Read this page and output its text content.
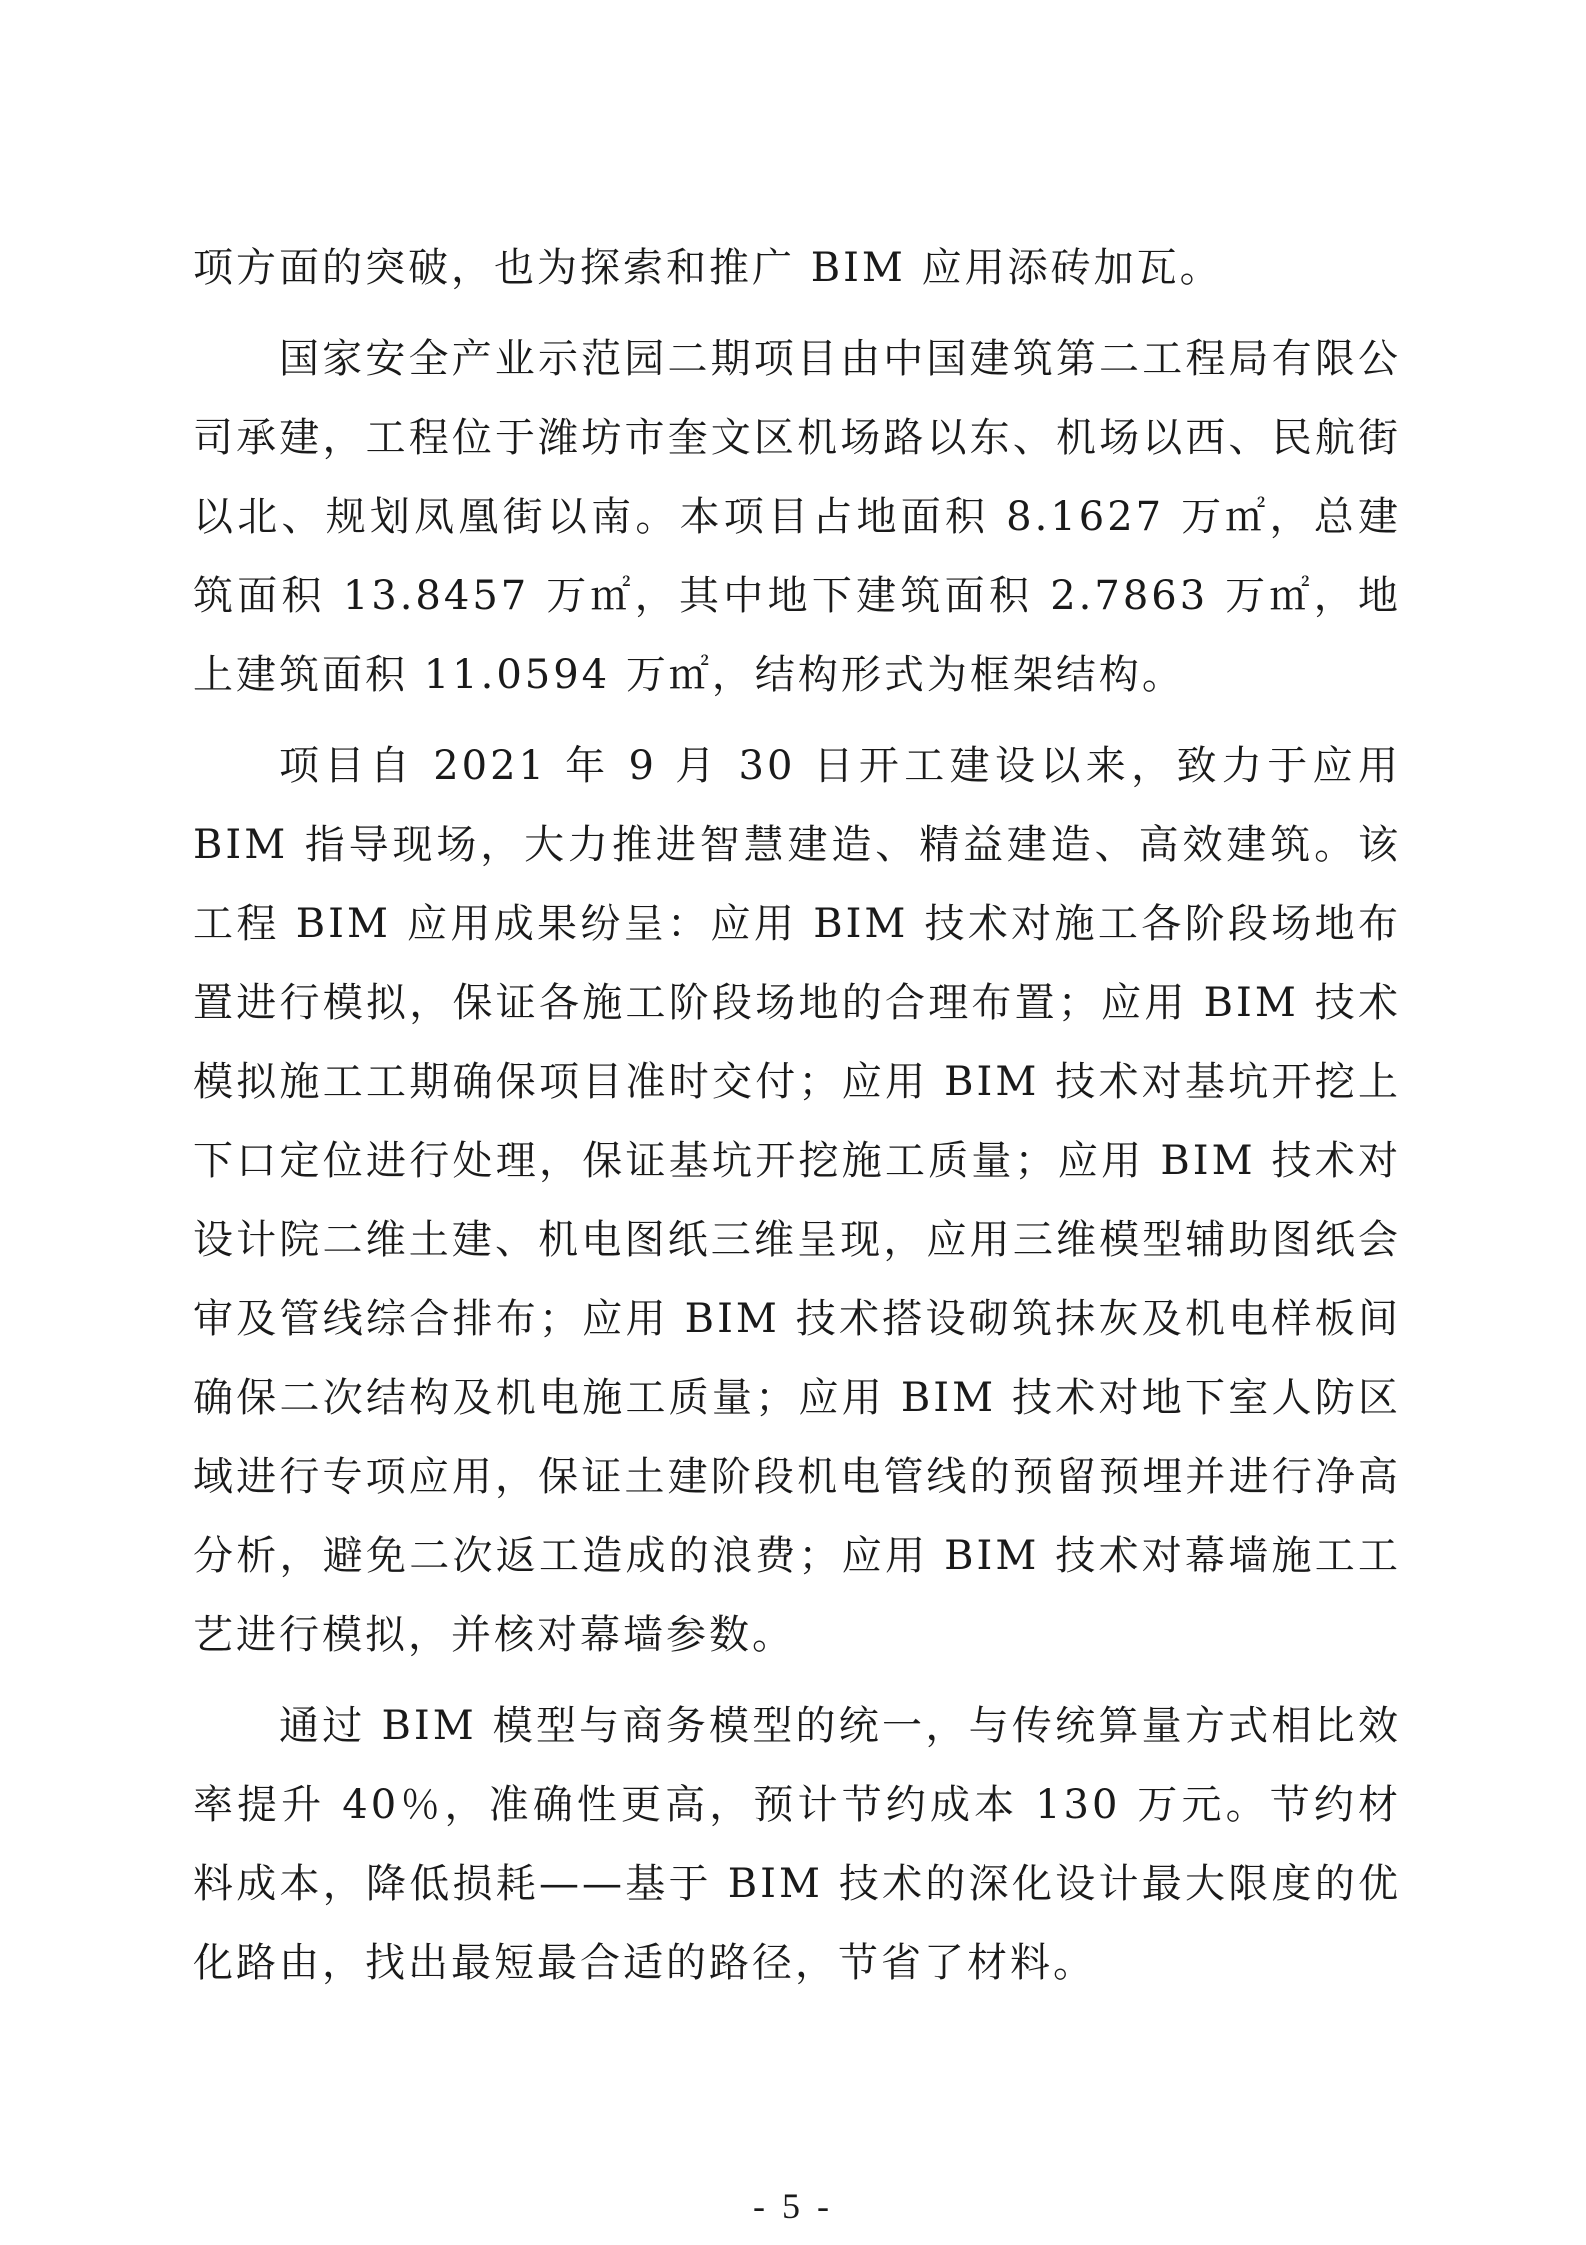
项方面的突破，也为探索和推广 BIM 应用添砖加瓦。

国家安全产业示范园二期项目由中国建筑第二工程局有限公司承建，工程位于潍坊市奎文区机场路以东、机场以西、民航街以北、规划凤凰街以南。本项目占地面积 8.1627 万㎡，总建筑面积 13.8457 万㎡，其中地下建筑面积 2.7863 万㎡，地上建筑面积 11.0594 万㎡，结构形式为框架结构。

项目自 2021 年 9 月 30 日开工建设以来，致力于应用 BIM 指导现场，大力推进智慧建造、精益建造、高效建筑。该工程 BIM 应用成果纷呈：应用 BIM 技术对施工各阶段场地布置进行模拟，保证各施工阶段场地的合理布置；应用 BIM 技术模拟施工工期确保项目准时交付；应用 BIM 技术对基坑开挖上下口定位进行处理，保证基坑开挖施工质量；应用 BIM 技术对设计院二维土建、机电图纸三维呈现，应用三维模型辅助图纸会审及管线综合排布；应用 BIM 技术搭设砌筑抹灰及机电样板间确保二次结构及机电施工质量；应用 BIM 技术对地下室人防区域进行专项应用，保证土建阶段机电管线的预留预埋并进行净高分析，避免二次返工造成的浪费；应用 BIM 技术对幕墙施工工艺进行模拟，并核对幕墙参数。

通过 BIM 模型与商务模型的统一，与传统算量方式相比效率提升 40％，准确性更高，预计节约成本 130 万元。节约材料成本，降低损耗——基于 BIM 技术的深化设计最大限度的优化路由，找出最短最合适的路径，节省了材料。

- 5 -
